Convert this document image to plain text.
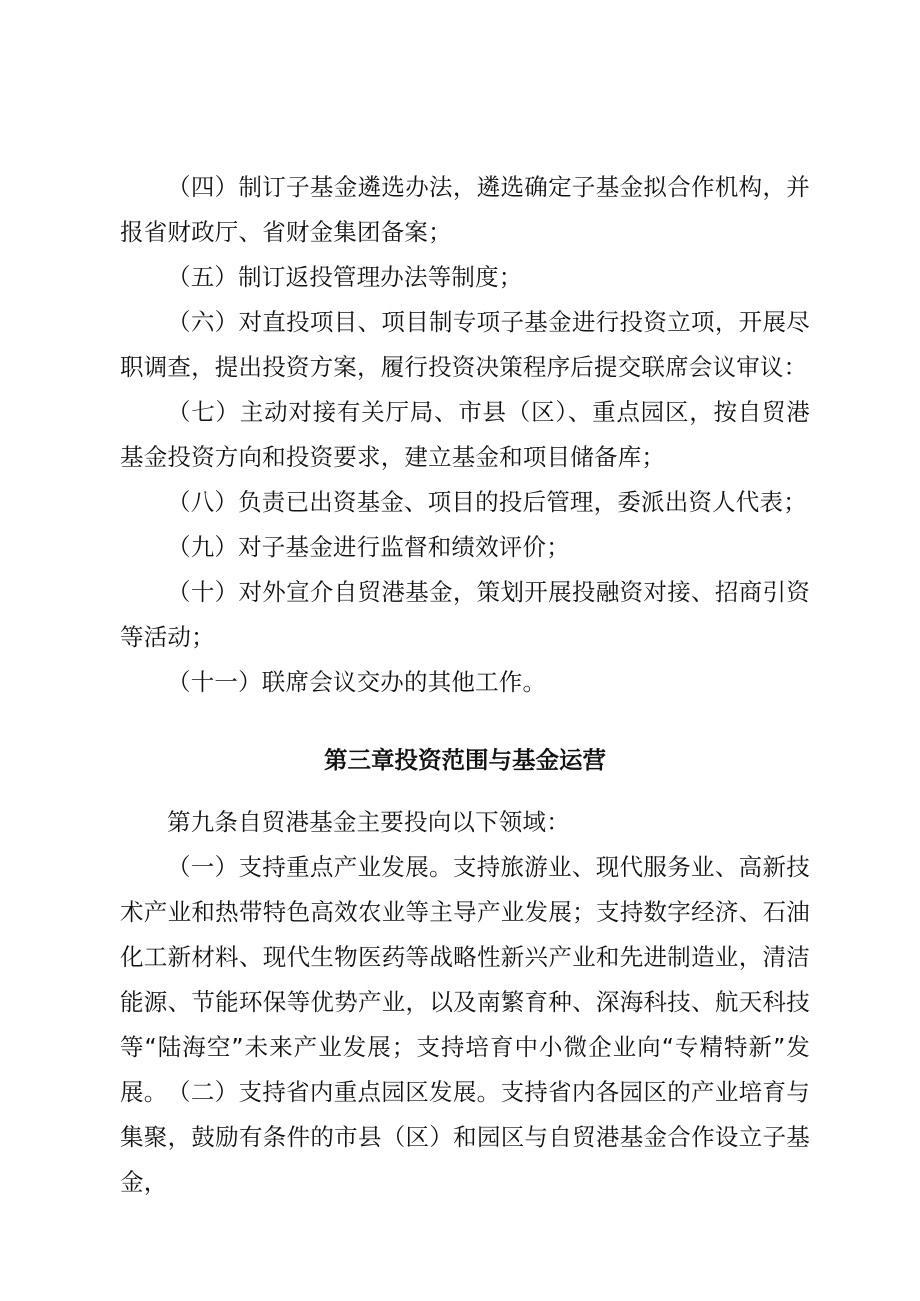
（四）制订子基金遴选办法，遴选确定子基金拟合作机构，并报省财政厅、省财金集团备案；

（五）制订返投管理办法等制度；

（六）对直投项目、项目制专项子基金进行投资立项，开展尽职调查，提出投资方案，履行投资决策程序后提交联席会议审议：

（七）主动对接有关厅局、市县（区）、重点园区，按自贸港基金投资方向和投资要求，建立基金和项目储备库；

（八）负责已出资基金、项目的投后管理，委派出资人代表；

（九）对子基金进行监督和绩效评价；

（十）对外宣介自贸港基金，策划开展投融资对接、招商引资等活动；

（十一）联席会议交办的其他工作。

第三章投资范围与基金运营

第九条自贸港基金主要投向以下领域：

（一）支持重点产业发展。支持旅游业、现代服务业、高新技术产业和热带特色高效农业等主导产业发展；支持数字经济、石油化工新材料、现代生物医药等战略性新兴产业和先进制造业，清洁能源、节能环保等优势产业，以及南繁育种、深海科技、航天科技等“陆海空”未来产业发展；支持培育中小微企业向“专精特新”发展。 （二）支持省内重点园区发展。支持省内各园区的产业培育与集聚，鼓励有条件的市县（区）和园区与自贸港基金合作设立子基金，
